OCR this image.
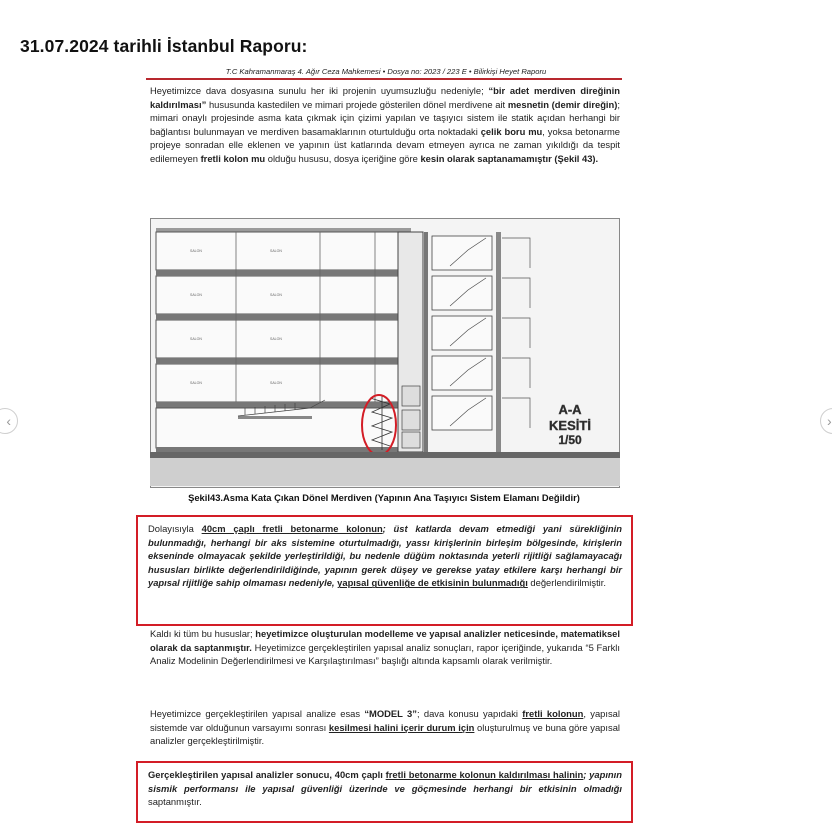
31.07.2024 tarihli İstanbul Raporu:
‹	›
T.C Kahramanmaraş 4. Ağır Ceza Mahkemesi • Dosya no: 2023 / 223 E • Bilirkişi Heyet Raporu

Heyetimizce dava dosyasına sunulu her iki projenin uyumsuzluğu nedeniyle; “bir adet merdiven direğinin kaldırılması” hususunda kastedilen ve mimari projede gösterilen dönel merdivene ait mesnetin (demir direğin); mimari onaylı projesinde asma kata çıkmak için çizimi yapılan ve taşıyıcı sistem ile statik açıdan herhangi bir bağlantısı bulunmayan ve merdiven basamaklarının oturtulduğu orta noktadaki çelik boru mu, yoksa betonarme projeye sonradan elle eklenen ve yapının üst katlarında devam etmeyen ayrıca ne zaman yıkıldığı da tespit edilemeyen fretli kolon mu olduğu hususu, dosya içeriğine göre kesin olarak saptanamamıştır (Şekil 43).

SALON	SALON
SALON	SALON
SALON	SALON
SALON	SALON
A-A
KESİTİ
1/50
Şekil43.Asma Kata Çıkan Dönel Merdiven (Yapının Ana Taşıyıcı Sistem Elamanı Değildir)

Dolayısıyla 40cm çaplı fretli betonarme kolonun; üst katlarda devam etmediği yani sürekliğinin bulunmadığı, herhangi bir aks sistemine oturtulmadığı, yassı kirişlerinin birleşim bölgesinde, kirişlerin ekseninde olmayacak şekilde yerleştirildiği, bu nedenle düğüm noktasında yeterli rijitliği sağlamayacağı hususları birlikte değerlendirildiğinde, yapının gerek düşey ve gerekse yatay etkilere karşı herhangi bir yapısal rijitliğe sahip olmaması nedeniyle, yapısal güvenliğe de etkisinin bulunmadığı değerlendirilmiştir.

Kaldı ki tüm bu hususlar; heyetimizce oluşturulan modelleme ve yapısal analizler neticesinde, matematiksel olarak da saptanmıştır. Heyetimizce gerçekleştirilen yapısal analiz sonuçları, rapor içeriğinde, yukarıda “5 Farklı Analiz Modelinin Değerlendirilmesi ve Karşılaştırılması” başlığı altında kapsamlı olarak verilmiştir.

Heyetimizce gerçekleştirilen yapısal analize esas “MODEL 3”; dava konusu yapıdaki fretli kolonun, yapısal sistemde var olduğunun varsayımı sonrası kesilmesi halini içerir durum için oluşturulmuş ve buna göre yapısal analizler gerçekleştirilmiştir.

Gerçekleştirilen yapısal analizler sonucu, 40cm çaplı fretli betonarme kolonun kaldırılması halinin; yapının sismik performansı ile yapısal güvenliği üzerinde ve göçmesinde herhangi bir etkisinin olmadığı saptanmıştır.
